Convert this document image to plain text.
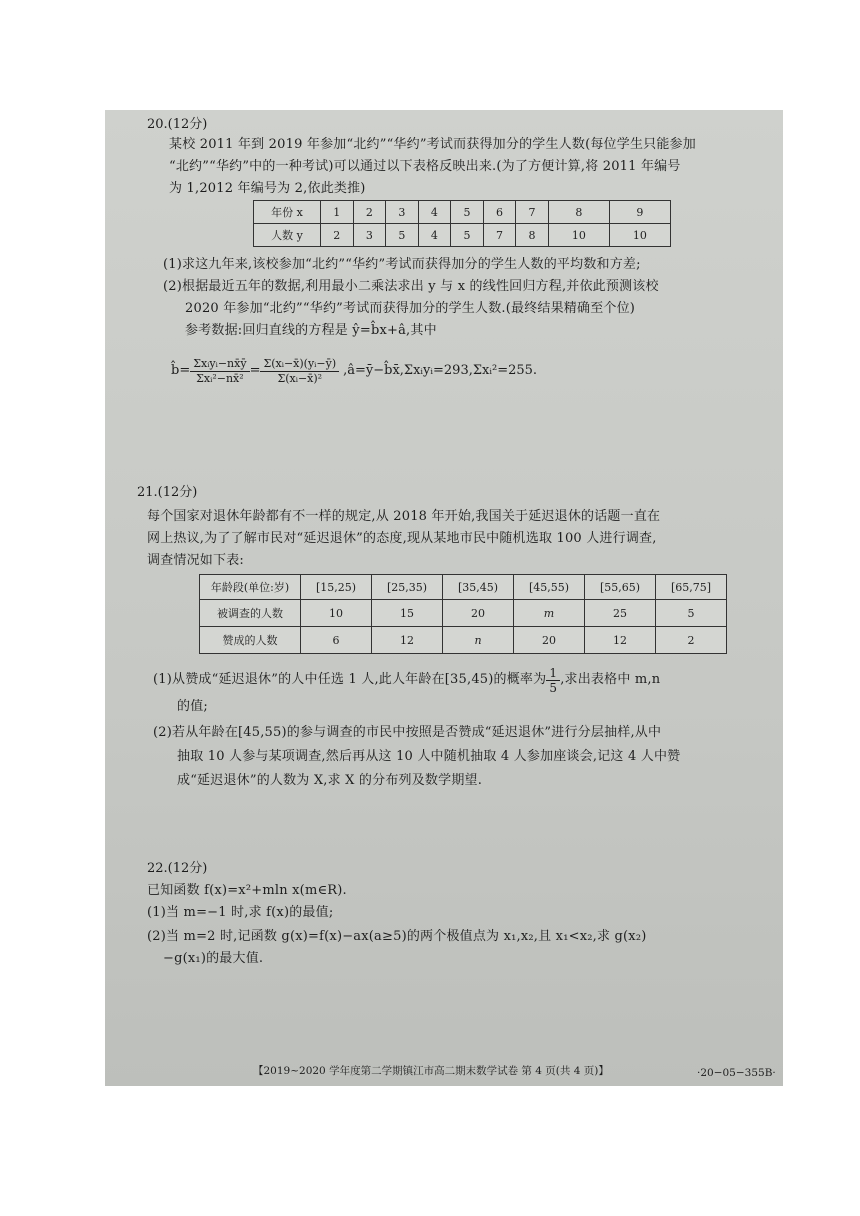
20.(12分)
某校 2011 年到 2019 年参加“北约”“华约”考试而获得加分的学生人数(每位学生只能参加
“北约”“华约”中的一种考试)可以通过以下表格反映出来.(为了方便计算,将 2011 年编号
为 1,2012 年编号为 2,依此类推)
年份 x	1	2	3	4	5	6	7	8	9
人数 y	2	3	5	4	5	7	8	10	10
(1)求这九年来,该校参加“北约”“华约”考试而获得加分的学生人数的平均数和方差;
(2)根据最近五年的数据,利用最小二乘法求出 y 与 x 的线性回归方程,并依此预测该校
2020 年参加“北约”“华约”考试而获得加分的学生人数.(最终结果精确至个位)
参考数据:回归直线的方程是 ŷ=b̂x+â,其中
b̂= $\frac{\text{Σxᵢyᵢ−nx̄ȳ}}{\text{Σxᵢ²−nx̄²}} = \frac{\text{Σ(xᵢ−x̄)(yᵢ−ȳ)}}{\text{Σ(xᵢ−x̄)²}}$ ,â=ȳ−b̂x̄,Σxᵢyᵢ=293,Σxᵢ²=255.
21.(12分)
每个国家对退休年龄都有不一样的规定,从 2018 年开始,我国关于延迟退休的话题一直在
网上热议,为了了解市民对“延迟退休”的态度,现从某地市民中随机选取 100 人进行调查,
调查情况如下表:
年龄段(单位:岁)	[15,25)	[25,35)	[35,45)	[45,55)	[55,65)	[65,75]
被调查的人数	10	15	20	m	25	5
赞成的人数	6	12	n	20	12	2
(1)从赞成“延迟退休”的人中任选 1 人,此人年龄在[35,45)的概率为 $\frac{1}{5}$ ,求出表格中 m,n
的值;
(2)若从年龄在[45,55)的参与调查的市民中按照是否赞成“延迟退休”进行分层抽样,从中
抽取 10 人参与某项调查,然后再从这 10 人中随机抽取 4 人参加座谈会,记这 4 人中赞
成“延迟退休”的人数为 X,求 X 的分布列及数学期望.
22.(12分)
已知函数 f(x)=x²+mln x(m∈R).
(1)当 m=−1 时,求 f(x)的最值;
(2)当 m=2 时,记函数 g(x)=f(x)−ax(a≥5)的两个极值点为 x₁,x₂,且 x₁<x₂,求 g(x₂)
−g(x₁)的最大值.
【2019~2020 学年度第二学期镇江市高二期末数学试卷 第 4 页(共 4 页)】	·20−05−355B·
